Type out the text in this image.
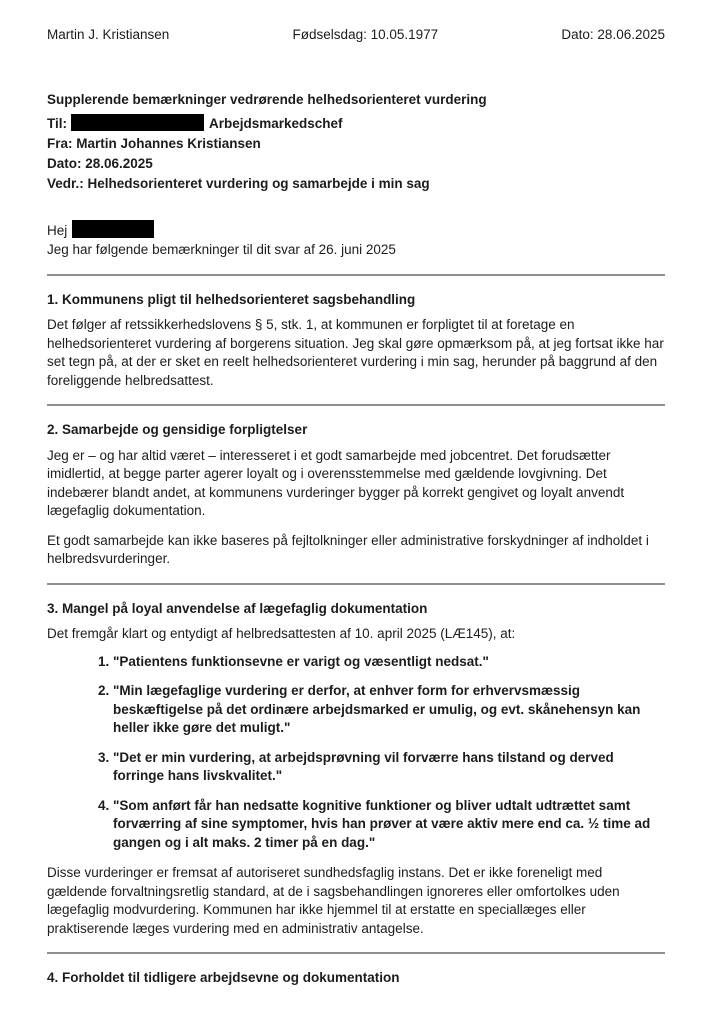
Martin J. Kristiansen	Fødselsdag: 10.05.1977	Dato: 28.06.2025
Supplerende bemærkninger vedrørende helhedsorienteret vurdering
Til:	Arbejdsmarkedschef
Fra: Martin Johannes Kristiansen
Dato: 28.06.2025
Vedr.: Helhedsorienteret vurdering og samarbejde i min sag
Hej
Jeg har følgende bemærkninger til dit svar af 26. juni 2025
1. Kommunens pligt til helhedsorienteret sagsbehandling
Det følger af retssikkerhedslovens § 5, stk. 1, at kommunen er forpligtet til at foretage en helhedsorienteret vurdering af borgerens situation. Jeg skal gøre opmærksom på, at jeg fortsat ikke har set tegn på, at der er sket en reelt helhedsorienteret vurdering i min sag, herunder på baggrund af den foreliggende helbredsattest.
2. Samarbejde og gensidige forpligtelser
Jeg er – og har altid været – interesseret i et godt samarbejde med jobcentret. Det forudsætter imidlertid, at begge parter agerer loyalt og i overensstemmelse med gældende lovgivning. Det indebærer blandt andet, at kommunens vurderinger bygger på korrekt gengivet og loyalt anvendt lægefaglig dokumentation.
Et godt samarbejde kan ikke baseres på fejltolkninger eller administrative forskydninger af indholdet i helbredsvurderinger.
3. Mangel på loyal anvendelse af lægefaglig dokumentation
Det fremgår klart og entydigt af helbredsattesten af 10. april 2025 (LÆ145), at:
1. "Patientens funktionsevne er varigt og væsentligt nedsat."
2. "Min lægefaglige vurdering er derfor, at enhver form for erhvervsmæssig beskæftigelse på det ordinære arbejdsmarked er umulig, og evt. skånehensyn kan heller ikke gøre det muligt."
3. "Det er min vurdering, at arbejdsprøvning vil forværre hans tilstand og derved forringe hans livskvalitet."
4. "Som anført får han nedsatte kognitive funktioner og bliver udtalt udtrættet samt forværring af sine symptomer, hvis han prøver at være aktiv mere end ca. ½ time ad gangen og i alt maks. 2 timer på en dag."
Disse vurderinger er fremsat af autoriseret sundhedsfaglig instans. Det er ikke foreneligt med gældende forvaltningsretlig standard, at de i sagsbehandlingen ignoreres eller omfortolkes uden lægefaglig modvurdering. Kommunen har ikke hjemmel til at erstatte en speciallæges eller praktiserende læges vurdering med en administrativ antagelse.
4. Forholdet til tidligere arbejdsevne og dokumentation
